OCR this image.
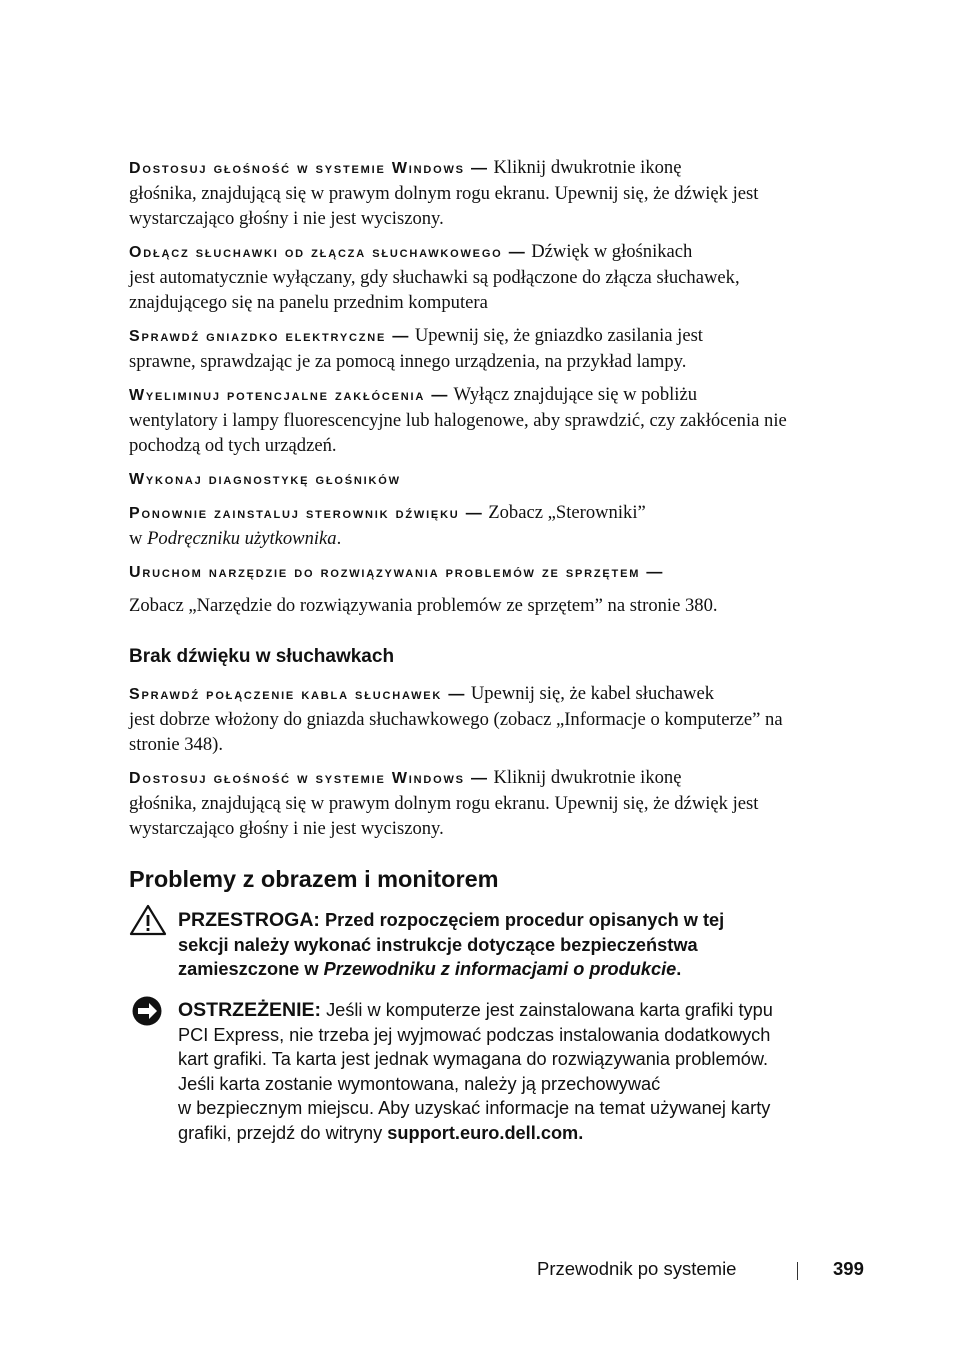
Dostosuj głośność w systemie Windows — Kliknij dwukrotnie ikonę
głośnika, znajdującą się w prawym dolnym rogu ekranu. Upewnij się, że dźwięk jest
wystarczająco głośny i nie jest wyciszony.
Odłącz słuchawki od złącza słuchawkowego — Dźwięk w głośnikach
jest automatycznie wyłączany, gdy słuchawki są podłączone do złącza słuchawek,
znajdującego się na panelu przednim komputera
Sprawdź gniazdko elektryczne — Upewnij się, że gniazdko zasilania jest
sprawne, sprawdzając je za pomocą innego urządzenia, na przykład lampy.
Wyeliminuj potencjalne zakłócenia — Wyłącz znajdujące się w pobliżu
wentylatory i lampy fluorescencyjne lub halogenowe, aby sprawdzić, czy zakłócenia nie
pochodzą od tych urządzeń.
Wykonaj diagnostykę głośników
Ponownie zainstaluj sterownik dźwięku — Zobacz „Sterowniki”
w Podręczniku użytkownika.
Uruchom narzędzie do rozwiązywania problemów ze sprzętem —
Zobacz „Narzędzie do rozwiązywania problemów ze sprzętem” na stronie 380.
Brak dźwięku w słuchawkach
Sprawdź połączenie kabla słuchawek — Upewnij się, że kabel słuchawek
jest dobrze włożony do gniazda słuchawkowego (zobacz „Informacje o komputerze” na
stronie 348).
Dostosuj głośność w systemie Windows — Kliknij dwukrotnie ikonę
głośnika, znajdującą się w prawym dolnym rogu ekranu. Upewnij się, że dźwięk jest
wystarczająco głośny i nie jest wyciszony.
Problemy z obrazem i monitorem
PRZESTROGA: Przed rozpoczęciem procedur opisanych w tej
sekcji należy wykonać instrukcje dotyczące bezpieczeństwa
zamieszczone w Przewodniku z informacjami o produkcie.
OSTRZEŻENIE: Jeśli w komputerze jest zainstalowana karta grafiki typu
PCI Express, nie trzeba jej wyjmować podczas instalowania dodatkowych
kart grafiki. Ta karta jest jednak wymagana do rozwiązywania problemów.
Jeśli karta zostanie wymontowana, należy ją przechowywać
w bezpiecznym miejscu. Aby uzyskać informacje na temat używanej karty
grafiki, przejdź do witryny support.euro.dell.com.
Przewodnik po systemie	399
